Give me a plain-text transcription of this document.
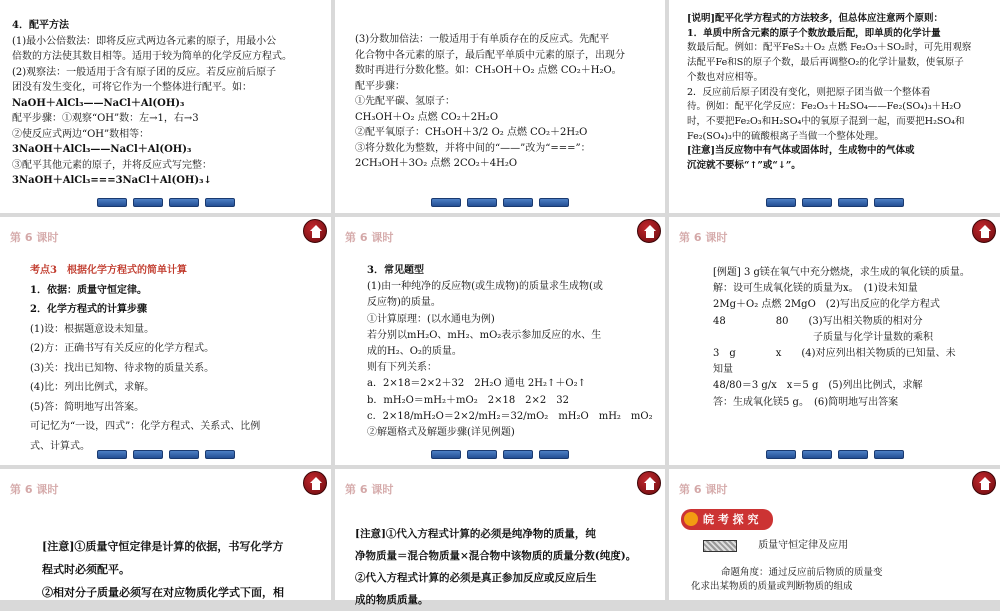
4．配平方法

(1)最小公倍数法：即将反应式两边各元素的原子，用最小公

倍数的方法使其数目相等。适用于较为简单的化学反应方程式。

(2)观察法：一般适用于含有原子团的反应。若反应前后原子

团没有发生变化，可将它作为一个整体进行配平。如：

NaOH＋AlCl₃——NaCl＋Al(OH)₃

配平步骤：①观察“OH”数：左→1，右→3

②使反应式两边“OH”数相等：

3NaOH＋AlCl₃——NaCl＋Al(OH)₃

③配平其他元素的原子，并将反应式写完整：

3NaOH＋AlCl₃===3NaCl＋Al(OH)₃↓

(3)分数加倍法：一般适用于有单质存在的反应式。先配平

化合物中各元素的原子，最后配平单质中元素的原子，出现分

数时再进行分数化整。如：CH₃OH＋O₂ 点燃 CO₂＋H₂O。

配平步骤：

①先配平碳、氢原子：

CH₃OH＋O₂ 点燃 CO₂＋2H₂O

②配平氧原子：CH₃OH＋3/2 O₂ 点燃 CO₂＋2H₂O

③将分数化为整数，并将中间的“——”改为“===”：

2CH₃OH＋3O₂ 点燃 2CO₂＋4H₂O

[说明]配平化学方程式的方法较多，但总体应注意两个原则：

1．单质中所含元素的原子个数放最后配，即单质的化学计量

数最后配。例如：配平FeS₂＋O₂ 点燃 Fe₂O₃＋SO₂时，可先用观察

法配平Fe和S的原子个数，最后再调整O₂的化学计量数，使氧原子

个数也对应相等。

2．反应前后原子团没有变化，则把原子团当做一个整体看

待。例如：配平化学反应：Fe₂O₃＋H₂SO₄——Fe₂(SO₄)₃＋H₂O

时，不要把Fe₂O₃和H₂SO₄中的氧原子混到一起，而要把H₂SO₄和

Fe₂(SO₄)₃中的硫酸根离子当做一个整体处理。

[注意]当反应物中有气体或固体时，生成物中的气体或

沉淀就不要标“↑”或“↓”。

第 6 课时

考点3　根据化学方程式的简单计算

1．依据：质量守恒定律。

2．化学方程式的计算步骤

(1)设：根据题意设未知量。

(2)方：正确书写有关反应的化学方程式。

(3)关：找出已知物、待求物的质量关系。

(4)比：列出比例式，求解。

(5)答：简明地写出答案。

可记忆为“一设，四式”：化学方程式、关系式、比例

式、计算式。

第 6 课时

3．常见题型

(1)由一种纯净的反应物(或生成物)的质量求生成物(或

反应物)的质量。

①计算原理：(以水通电为例)

若分别以mH₂O、mH₂、mO₂表示参加反应的水、生

成的H₂、O₂的质量。

则有下列关系：

a．2×18＝2×2＋32　2H₂O 通电 2H₂↑＋O₂↑

b．mH₂O＝mH₂＋mO₂　2×18　2×2　32

c．2×18/mH₂O＝2×2/mH₂＝32/mO₂　mH₂O　mH₂　mO₂

②解题格式及解题步骤(详见例题)

第 6 课时

[例题] 3 g镁在氧气中充分燃烧，求生成的氧化镁的质量。

解：设可生成氧化镁的质量为x。　(1)设未知量

2Mg＋O₂ 点燃 2MgO　(2)写出反应的化学方程式

48　　　　　80　　(3)写出相关物质的相对分

子质量与化学计量数的乘积

3　g　　　　x　　(4)对应列出相关物质的已知量、未

知量

48/80＝3 g/x　x＝5 g　(5)列出比例式，求解

答：生成氧化镁5 g。　(6)简明地写出答案

第 6 课时

[注意]①质量守恒定律是计算的依据，书写化学方

程式时必须配平。

②相对分子质量必须写在对应物质化学式下面，相

第 6 课时

[注意]①代入方程式计算的必须是纯净物的质量，纯

净物质量＝混合物质量×混合物中该物质的质量分数(纯度)。

②代入方程式计算的必须是真正参加反应或反应后生

成的物质质量。

第 6 课时
皖 考 探 究

质量守恒定律及应用

命题角度：通过反应前后物质的质量变

化求出某物质的质量或判断物质的组成
